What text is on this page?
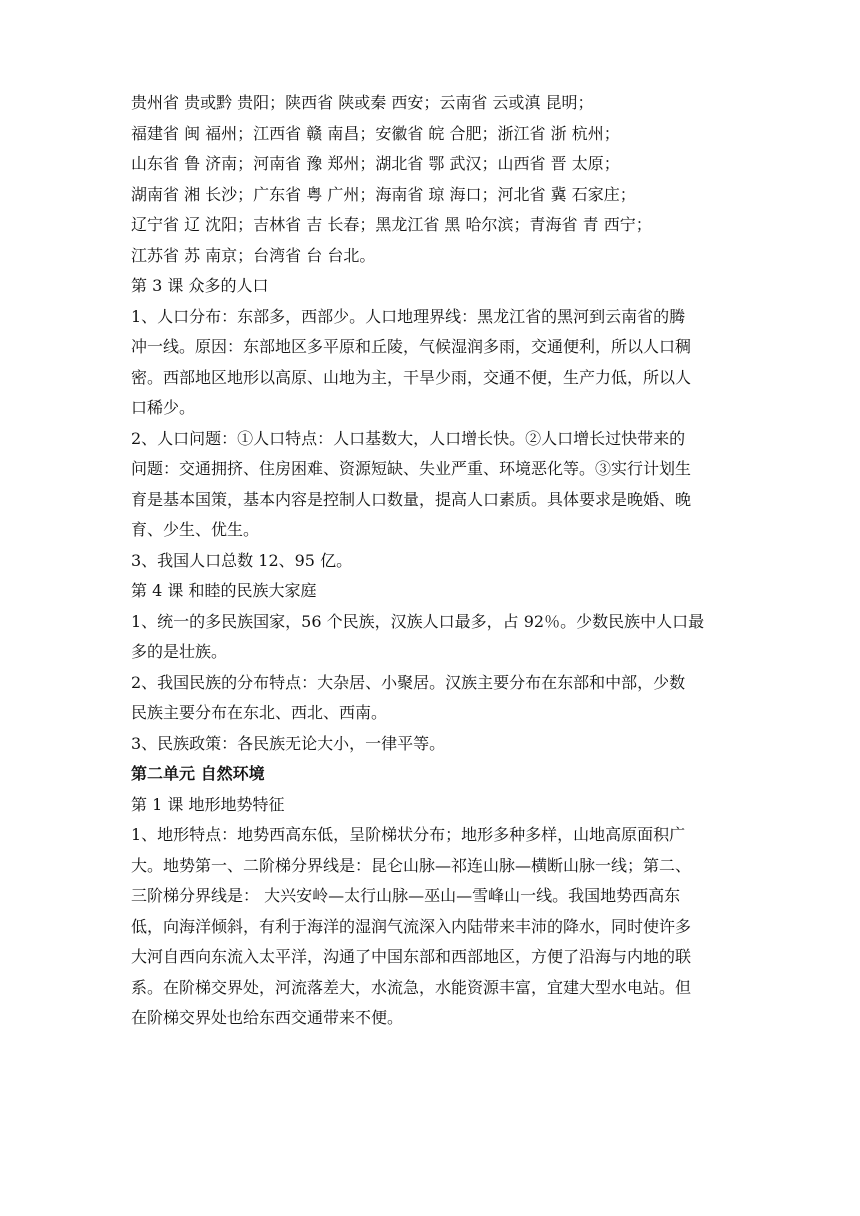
贵州省 贵或黔 贵阳；陕西省 陕或秦 西安；云南省 云或滇 昆明；
福建省 闽 福州；江西省 赣 南昌；安徽省 皖 合肥；浙江省 浙 杭州；
山东省 鲁 济南；河南省 豫 郑州；湖北省 鄂 武汉；山西省 晋 太原；
湖南省 湘 长沙；广东省 粤 广州；海南省 琼 海口；河北省 冀 石家庄；
辽宁省 辽 沈阳；吉林省 吉 长春；黑龙江省 黑 哈尔滨；青海省 青 西宁；
江苏省 苏 南京；台湾省 台 台北。
第 3 课 众多的人口
1、人口分布：东部多，西部少。人口地理界线：黑龙江省的黑河到云南省的腾
冲一线。原因：东部地区多平原和丘陵，气候湿润多雨，交通便利，所以人口稠
密。西部地区地形以高原、山地为主，干旱少雨，交通不便，生产力低，所以人
口稀少。
2、人口问题：①人口特点：人口基数大，人口增长快。②人口增长过快带来的
问题：交通拥挤、住房困难、资源短缺、失业严重、环境恶化等。③实行计划生
育是基本国策，基本内容是控制人口数量，提高人口素质。具体要求是晚婚、晚
育、少生、优生。
3、我国人口总数 12、95 亿。
第 4 课 和睦的民族大家庭
1、统一的多民族国家，56 个民族，汉族人口最多，占 92％。少数民族中人口最
多的是壮族。
2、我国民族的分布特点：大杂居、小聚居。汉族主要分布在东部和中部，少数
民族主要分布在东北、西北、西南。
3、民族政策：各民族无论大小，一律平等。
第二单元 自然环境
第 1 课 地形地势特征
1、地形特点：地势西高东低，呈阶梯状分布；地形多种多样，山地高原面积广
大。地势第一、二阶梯分界线是：昆仑山脉—祁连山脉—横断山脉一线；第二、
三阶梯分界线是： 大兴安岭—太行山脉—巫山—雪峰山一线。我国地势西高东
低，向海洋倾斜，有利于海洋的湿润气流深入内陆带来丰沛的降水，同时使许多
大河自西向东流入太平洋，沟通了中国东部和西部地区，方便了沿海与内地的联
系。在阶梯交界处，河流落差大，水流急，水能资源丰富，宜建大型水电站。但
在阶梯交界处也给东西交通带来不便。
